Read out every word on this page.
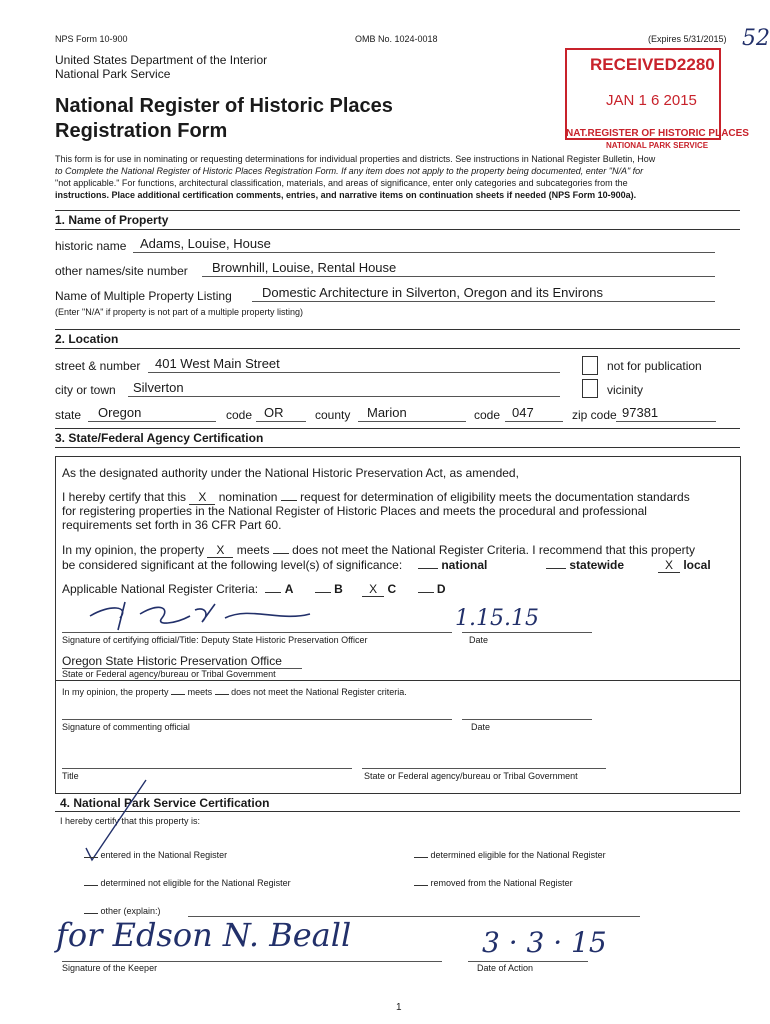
NPS Form 10-900	OMB No. 1024-0018	(Expires 5/31/2015) 52
United States Department of the Interior
National Park Service
National Register of Historic Places
Registration Form
RECEIVED2280
JAN 1 6 2015
NAT.REGISTER OF HISTORIC PLACES
NATIONAL PARK SERVICE
This form is for use in nominating or requesting determinations for individual properties and districts. See instructions in National Register Bulletin, How
to Complete the National Register of Historic Places Registration Form. If any item does not apply to the property being documented, enter "N/A" for
"not applicable." For functions, architectural classification, materials, and areas of significance, enter only categories and subcategories from the
instructions. Place additional certification comments, entries, and narrative items on continuation sheets if needed (NPS Form 10-900a).
1. Name of Property
historic name Adams, Louise, House
other names/site number Brownhill, Louise, Rental House
Name of Multiple Property Listing Domestic Architecture in Silverton, Oregon and its Environs
(Enter "N/A" if property is not part of a multiple property listing)
2. Location
street & number 401 West Main Street	not for publication
city or town Silverton	vicinity
state Oregon	code OR	county Marion	code 047	zip code 97381
3. State/Federal Agency Certification
As the designated authority under the National Historic Preservation Act, as amended,
I hereby certify that this X nomination request for determination of eligibility meets the documentation standards
for registering properties in the National Register of Historic Places and meets the procedural and professional
requirements set forth in 36 CFR Part 60.
In my opinion, the property X meets does not meet the National Register Criteria. I recommend that this property
be considered significant at the following level(s) of significance:	national	statewide	X local
Applicable National Register Criteria: A	B X C	D
1.15.15
Signature of certifying official/Title: Deputy State Historic Preservation Officer	Date
Oregon State Historic Preservation Office
State or Federal agency/bureau or Tribal Government
In my opinion, the property meets does not meet the National Register criteria.
Signature of commenting official	Date
Title	State or Federal agency/bureau or Tribal Government
4. National Park Service Certification
I hereby certify that this property is:
entered in the National Register	determined eligible for the National Register
determined not eligible for the National Register	removed from the National Register
other (explain:)
for Edson N. Beall	3 · 3 · 15
Signature of the Keeper	Date of Action
1
